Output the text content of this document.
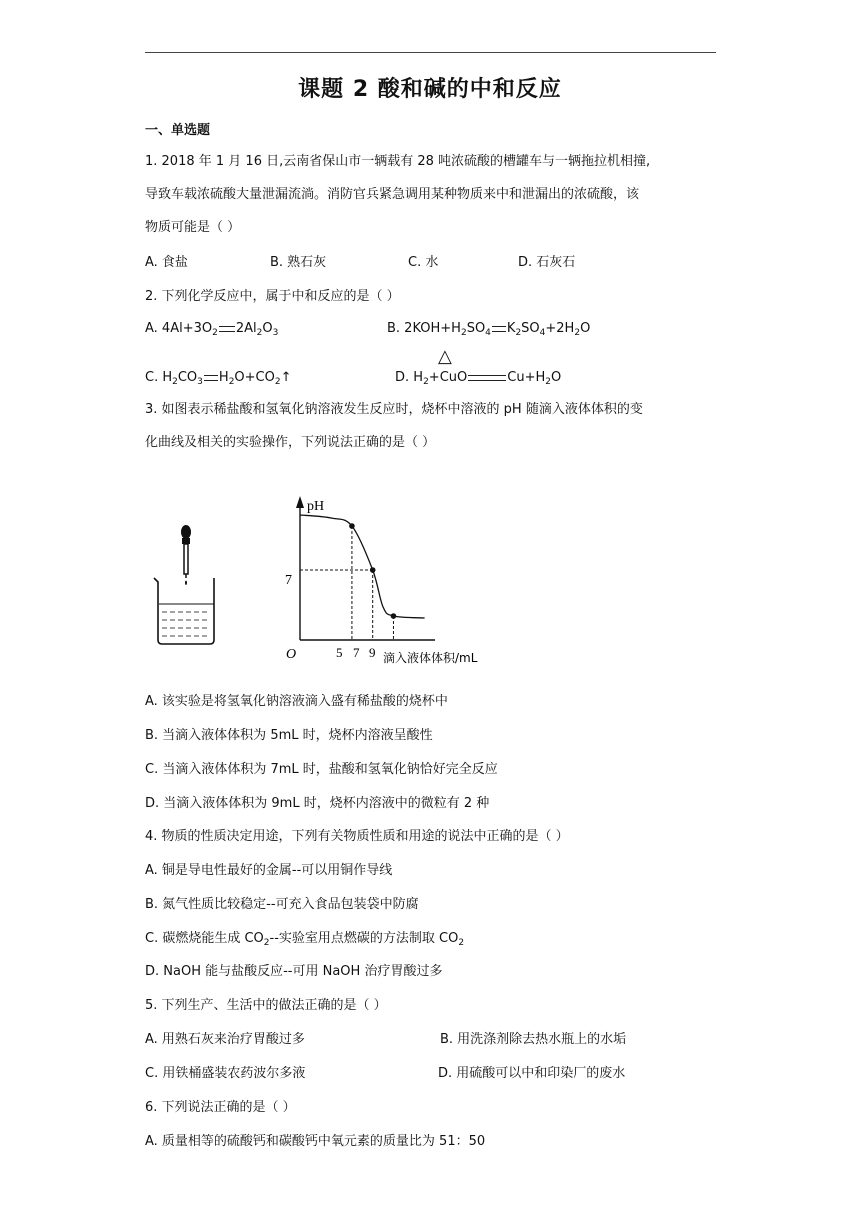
课题 2 酸和碱的中和反应
一、单选题
1. 2018 年 1 月 16 日,云南省保山市一辆载有 28 吨浓硫酸的槽罐车与一辆拖拉机相撞,
导致车载浓硫酸大量泄漏流淌。消防官兵紧急调用某种物质来中和泄漏出的浓硫酸，该
物质可能是（ ）
A. 食盐	B. 熟石灰	C. 水	D. 石灰石
2. 下列化学反应中，属于中和反应的是（ ）
A. $4Al+3O_2$ $2Al_2O_3$	B. $2KOH+H_2SO_4$ $K_2SO_4+2H_2O$
C. $H_2CO_3$ $H_2O+CO_2↑$
△
D. $H_2+CuO$	$Cu+H_2O$
3. 如图表示稀盐酸和氢氧化钠溶液发生反应时，烧杯中溶液的 pH 随滴入液体体积的变
化曲线及相关的实验操作，下列说法正确的是（ ）
pH
O
7
5 7 9 滴入液体体积/mL
A. 该实验是将氢氧化钠溶液滴入盛有稀盐酸的烧杯中
B. 当滴入液体体积为 5mL 时，烧杯内溶液呈酸性
C. 当滴入液体体积为 7mL 时，盐酸和氢氧化钠恰好完全反应
D. 当滴入液体体积为 9mL 时，烧杯内溶液中的微粒有 2 种
4. 物质的性质决定用途，下列有关物质性质和用途的说法中正确的是（ ）
A. 铜是导电性最好的金属--可以用铜作导线
B. 氮气性质比较稳定--可充入食品包装袋中防腐
C. 碳燃烧能生成 $CO_2--$实验室用点燃碳的方法制取 $CO_2$
D. NaOH 能与盐酸反应--可用 NaOH 治疗胃酸过多
5. 下列生产、生活中的做法正确的是（ ）
A. 用熟石灰来治疗胃酸过多	B. 用洗涤剂除去热水瓶上的水垢
C. 用铁桶盛装农药波尔多液	D. 用硫酸可以中和印染厂的废水
6. 下列说法正确的是（ ）
A. 质量相等的硫酸钙和碳酸钙中氧元素的质量比为 51：50
